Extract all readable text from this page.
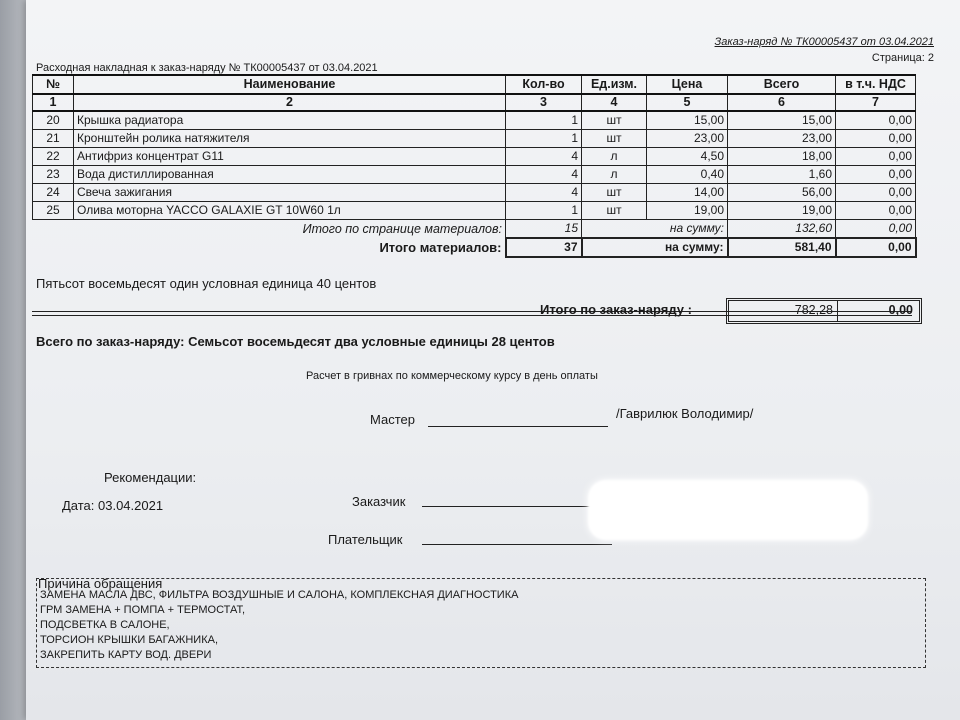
Заказ-наряд № ТК00005437 от 03.04.2021
Страница: 2
Расходная накладная к заказ-наряду № ТК00005437 от 03.04.2021
№	Наименование	Кол-во	Ед.изм.	Цена	Всего	в т.ч. НДС
1	2	3	4	5	6	7
20	Крышка радиатора	1	шт	15,00	15,00	0,00
21	Кронштейн ролика натяжителя	1	шт	23,00	23,00	0,00
22	Антифриз концентрат G11	4	л	4,50	18,00	0,00
23	Вода дистиллированная	4	л	0,40	1,60	0,00
24	Свеча зажигания	4	шт	14,00	56,00	0,00
25	Олива моторна YACCO GALAXIE GT 10W60 1л	1	шт	19,00	19,00	0,00
Итого по странице материалов:		15	на сумму:		132,60	0,00
Итого материалов:		37	на сумму:		581,40	0,00
Пятьсот восемьдесят один условная единица 40 центов
Итого по заказ-наряду :	782,28	0,00
Всего по заказ-наряду: Семьсот восемьдесят два условные единицы 28 центов
Расчет в гривнах по коммерческому курсу в день оплаты
Мастер	/Гаврилюк Володимир/
Рекомендации:
Дата: 03.04.2021	Заказчик
Плательщик
Причина обращения
ЗАМЕНА МАСЛА ДВС, ФИЛЬТРА ВОЗДУШНЫЕ И САЛОНА, КОМПЛЕКСНАЯ ДИАГНОСТИКА
ГРМ ЗАМЕНА + ПОМПА + ТЕРМОСТАТ,
ПОДСВЕТКА В САЛОНЕ,
ТОРСИОН КРЫШКИ БАГАЖНИКА,
ЗАКРЕПИТЬ КАРТУ ВОД. ДВЕРИ
